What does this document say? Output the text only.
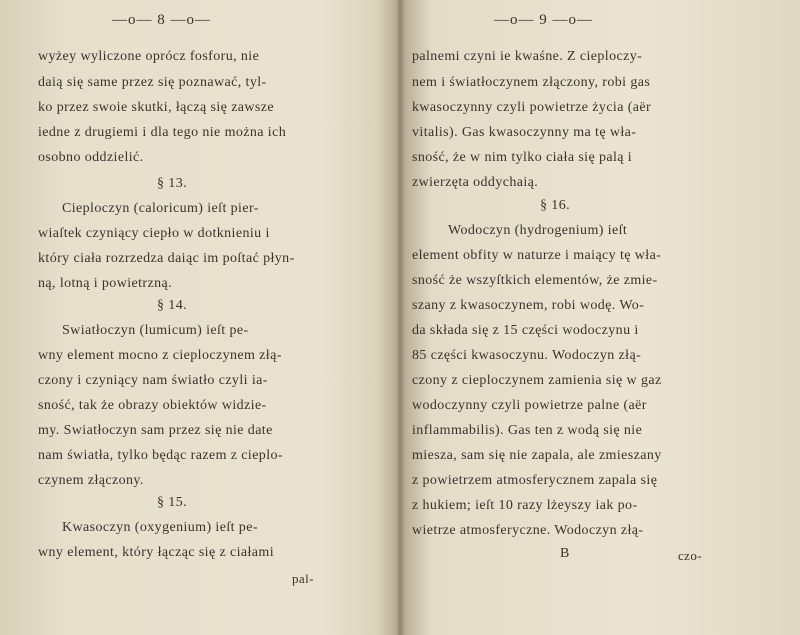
—o— 8 —o—
wyżey wyliczone oprócz fosforu, nie
daią się same przez się poznawać, tyl-
ko przez swoie skutki, łączą się zawsze
iedne z drugiemi i dla tego nie można ich
osobno oddzielić.
§ 13.
Cieploczyn (caloricum) ieſt pier-
wiaſtek czyniący ciepło w dotknieniu i
który ciała rozrzedza daiąc im poſtać płyn-
ną, lotną i powietrzną.
§ 14.
Swiatłoczyn (lumicum) ieſt pe-
wny element mocno z cieploczynem złą-
czony i czyniący nam światło czyli ia-
sność, tak że obrazy obiektów widzie-
my. Swiatłoczyn sam przez się nie date
nam światła, tylko będąc razem z cieplo-
czynem złączony.
§ 15.
Kwasoczyn (oxygenium) ieſt pe-
wny element, który łącząc się z ciałami
pal-
—o— 9 —o—
palnemi czyni ie kwaśne. Z cieploczy-
nem i światłoczynem złączony, robi gas
kwasoczynny czyli powietrze życia (aër
vitalis). Gas kwasoczynny ma tę wła-
sność, że w nim tylko ciała się palą i
zwierzęta oddychaią.
§ 16.
Wodoczyn (hydrogenium) ieſt
element obfity w naturze i maiący tę wła-
sność że wszyſtkich elementów, że zmie-
szany z kwasoczynem, robi wodę. Wo-
da składa się z 15 części wodoczynu i
85 części kwasoczynu. Wodoczyn złą-
czony z cieploczynem zamienia się w gaz
wodoczynny czyli powietrze palne (aër
inflammabilis). Gas ten z wodą się nie
miesza, sam się nie zapala, ale zmieszany
z powietrzem atmosferycznem zapala się
z hukiem; ieſt 10 razy lżeyszy iak po-
wietrze atmosferyczne. Wodoczyn złą-
B	czo-
